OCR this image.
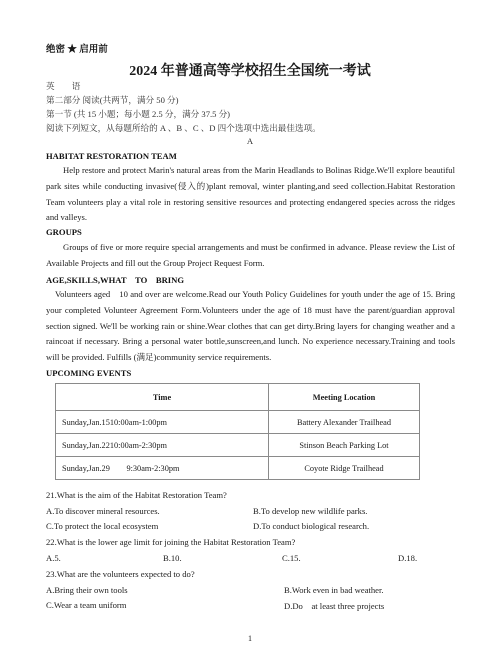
绝密 ★ 启用前
2024 年普通高等学校招生全国统一考试
英　　语
第二部分 阅读(共两节，满分 50 分)
第一节 (共 15 小题；每小题 2.5 分，满分 37.5 分)
阅读下列短文，从每题所给的 A 、B 、C 、D 四个选项中选出最佳选项。
A
HABITAT RESTORATION TEAM
Help restore and protect Marin's natural areas from the Marin Headlands to Bolinas Ridge.We'll explore beautiful park sites while conducting invasive(侵入的)plant removal, winter planting,and seed collection.Habitat Restoration Team volunteers play a vital role in restoring sensitive resources and protecting endangered species across the ridges and valleys.
GROUPS
Groups of five or more require special arrangements and must be confirmed in advance. Please review the List of Available Projects and fill out the Group Project Request Form.
AGE,SKILLS,WHAT　TO　BRING
Volunteers aged　10 and over are welcome.Read our Youth Policy Guidelines for youth under the age of 15. Bring your completed Volunteer Agreement Form.Volunteers under the age of 18 must have the parent/guardian approval section signed. We'll be working rain or shine.Wear clothes that can get dirty.Bring layers for changing weather and a raincoat if necessary. Bring a personal water bottle,sunscreen,and lunch. No experience necessary.Training and tools will be provided. Fulfills (满足)community service requirements.
UPCOMING EVENTS
Time	Meeting Location
Sunday,Jan.1510:00am-1:00pm	Battery Alexander Trailhead
Sunday,Jan.2210:00am-2:30pm	Stinson Beach Parking Lot
Sunday,Jan.29　　9:30am-2:30pm	Coyote Ridge Trailhead
21.What is the aim of the Habitat Restoration Team?
A.To discover mineral resources.	B.To develop new wildlife parks.
C.To protect the local ecosystem	D.To conduct biological research.
22.What is the lower age limit for joining the Habitat Restoration Team?
A.5.	B.10.	C.15.	D.18.
23.What are the volunteers expected to do?
A.Bring their own tools	B.Work even in bad weather.
C.Wear a team uniform	D.Do　at least three projects
1
